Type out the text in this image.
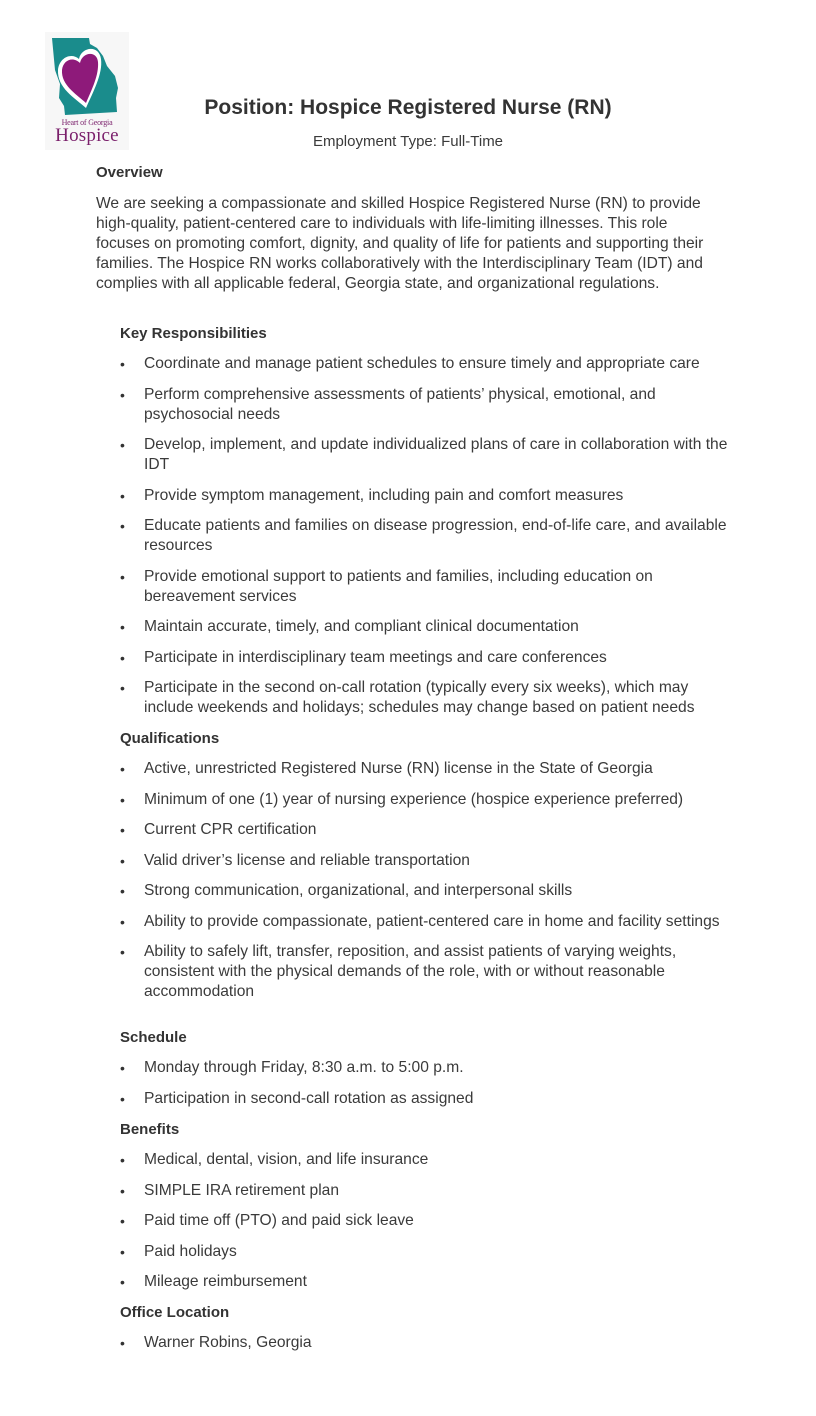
Heart of Georgia
Hospice
Position: Hospice Registered Nurse (RN)
Employment Type: Full-Time
Overview
We are seeking a compassionate and skilled Hospice Registered Nurse (RN) to provide high-quality, patient-centered care to individuals with life-limiting illnesses. This role focuses on promoting comfort, dignity, and quality of life for patients and supporting their families. The Hospice RN works collaboratively with the Interdisciplinary Team (IDT) and complies with all applicable federal, Georgia state, and organizational regulations.
Key Responsibilities
•	Coordinate and manage patient schedules to ensure timely and appropriate care
•	Perform comprehensive assessments of patients’ physical, emotional, and psychosocial needs
•	Develop, implement, and update individualized plans of care in collaboration with the IDT
•	Provide symptom management, including pain and comfort measures
•	Educate patients and families on disease progression, end-of-life care, and available resources
•	Provide emotional support to patients and families, including education on bereavement services
•	Maintain accurate, timely, and compliant clinical documentation
•	Participate in interdisciplinary team meetings and care conferences
•	Participate in the second on-call rotation (typically every six weeks), which may include weekends and holidays; schedules may change based on patient needs
Qualifications
•	Active, unrestricted Registered Nurse (RN) license in the State of Georgia
•	Minimum of one (1) year of nursing experience (hospice experience preferred)
•	Current CPR certification
•	Valid driver’s license and reliable transportation
•	Strong communication, organizational, and interpersonal skills
•	Ability to provide compassionate, patient-centered care in home and facility settings
•	Ability to safely lift, transfer, reposition, and assist patients of varying weights, consistent with the physical demands of the role, with or without reasonable accommodation
Schedule
•	Monday through Friday, 8:30 a.m. to 5:00 p.m.
•	Participation in second-call rotation as assigned
Benefits
•	Medical, dental, vision, and life insurance
•	SIMPLE IRA retirement plan
•	Paid time off (PTO) and paid sick leave
•	Paid holidays
•	Mileage reimbursement
Office Location
•	Warner Robins, Georgia
